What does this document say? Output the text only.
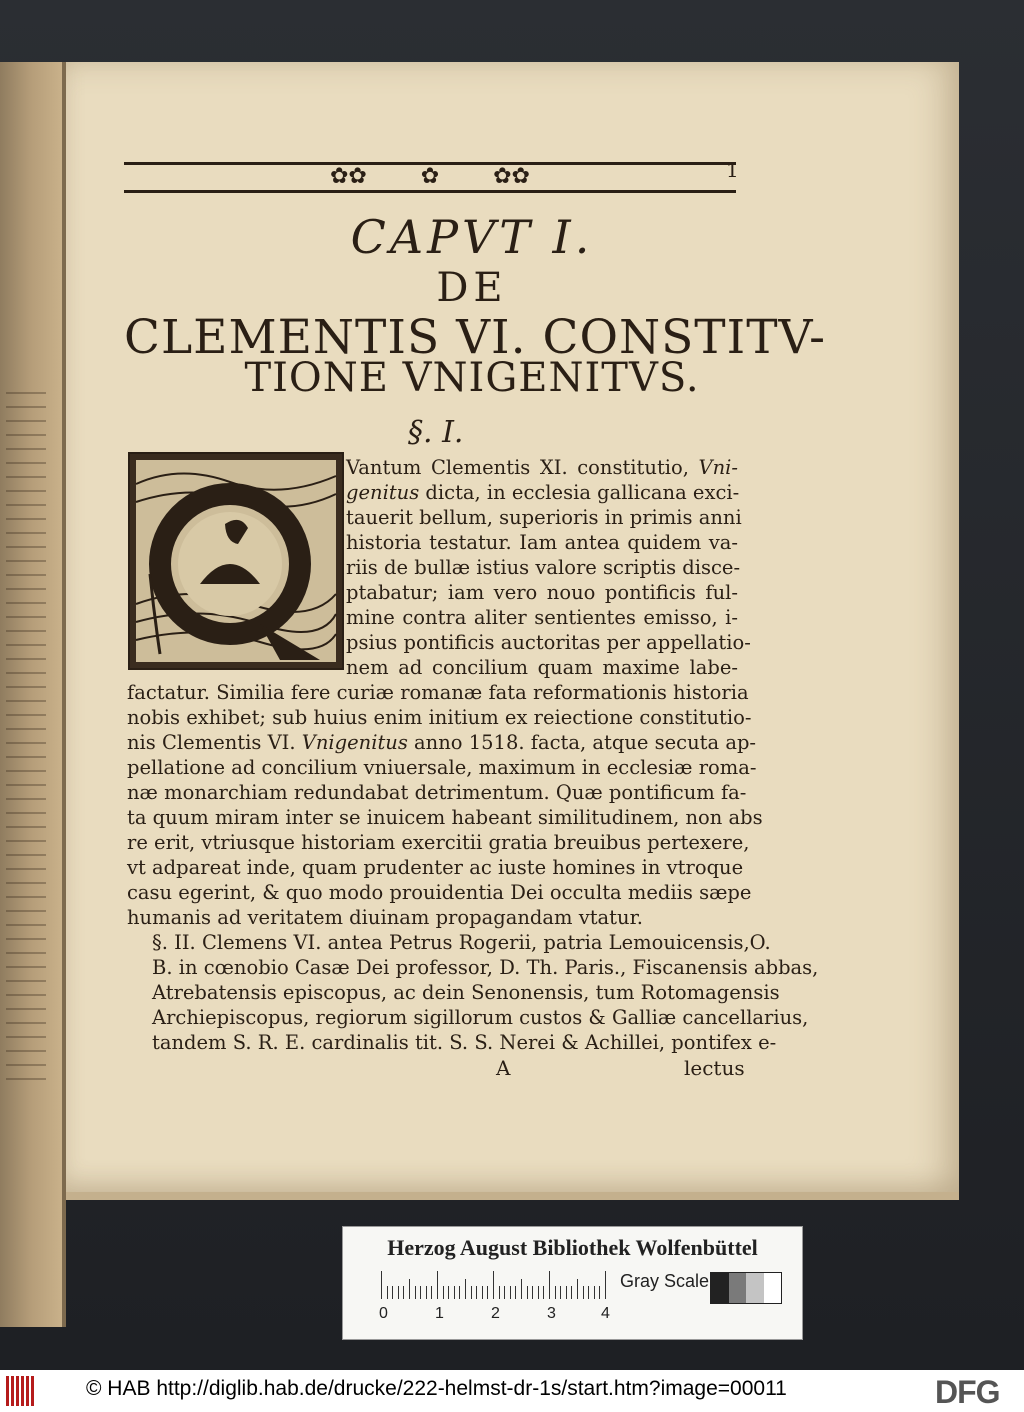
✿✿ ✿ ✿✿	1
CAPVT I.
DE
CLEMENTIS VI. CONSTITV-
TIONE VNIGENITVS.
§. I.
Vantum Clementis XI. constitutio, Vni-
genitus dicta, in ecclesia gallicana exci-
tauerit bellum, superioris in primis anni
historia testatur. Iam antea quidem va-
riis de bullæ istius valore scriptis disce-
ptabatur; iam vero nouo pontificis ful-
mine contra aliter sentientes emisso, i-
psius pontificis auctoritas per appellatio-
nem ad concilium quam maxime labe-
factatur. Similia fere curiæ romanæ fata reformationis historia
nobis exhibet; sub huius enim initium ex reiectione constitutio-
nis Clementis VI. Vnigenitus anno 1518. facta, atque secuta ap-
pellatione ad concilium vniuersale, maximum in ecclesiæ roma-
næ monarchiam redundabat detrimentum. Quæ pontificum fa-
ta quum miram inter se inuicem habeant similitudinem, non abs
re erit, vtriusque historiam exercitii gratia breuibus pertexere,
vt adpareat inde, quam prudenter ac iuste homines in vtroque
casu egerint, & quo modo prouidentia Dei occulta mediis sæpe
humanis ad veritatem diuinam propagandam vtatur.
§. II. Clemens VI. antea Petrus Rogerii, patria Lemouicensis,O.
B. in cœnobio Casæ Dei professor, D. Th. Paris., Fiscanensis abbas,
Atrebatensis episcopus, ac dein Senonensis, tum Rotomagensis
Archiepiscopus, regiorum sigillorum custos & Galliæ cancellarius,
tandem S. R. E. cardinalis tit. S. S. Nerei & Achillei, pontifex e-
A	lectus
Herzog August Bibliothek Wolfenbüttel
0	1	2	3	4
Gray Scale
© HAB http://diglib.hab.de/drucke/222-helmst-dr-1s/start.htm?image=00011	DFG
